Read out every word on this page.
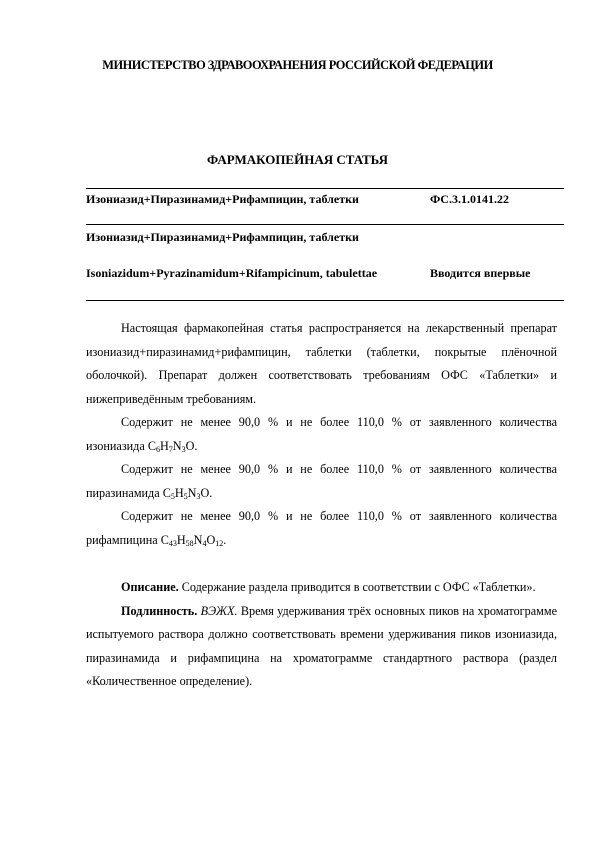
МИНИСТЕРСТВО ЗДРАВООХРАНЕНИЯ РОССИЙСКОЙ ФЕДЕРАЦИИ
ФАРМАКОПЕЙНАЯ СТАТЬЯ
Изониазид+Пиразинамид+Рифампицин, таблетки	ФС.3.1.0141.22
Изониазид+Пиразинамид+Рифампицин, таблетки
Isoniazidum+Pyrazinamidum+Rifampicinum, tabulettae	Вводится впервые

Настоящая фармакопейная статья распространяется на лекарственный препарат изониазид+пиразинамид+рифампицин, таблетки (таблетки, покрытые плёночной оболочкой). Препарат должен соответствовать требованиям ОФС «Таблетки» и нижеприведённым требованиям.

Содержит не менее 90,0 % и не более 110,0 % от заявленного количества изониазида $C_6H_7N_3O$.

Содержит не менее 90,0 % и не более 110,0 % от заявленного количества пиразинамида $C_5H_5N_3O$.

Содержит не менее 90,0 % и не более 110,0 % от заявленного количества рифампицина $C_{43}H_{58}N_4O_{12}$.

Описание. Содержание раздела приводится в соответствии с ОФС «Таблетки».

Подлинность. ВЭЖХ. Время удерживания трёх основных пиков на хроматограмме испытуемого раствора должно соответствовать времени удерживания пиков изониазида, пиразинамида и рифампицина на хроматограмме стандартного раствора (раздел «Количественное определение).
